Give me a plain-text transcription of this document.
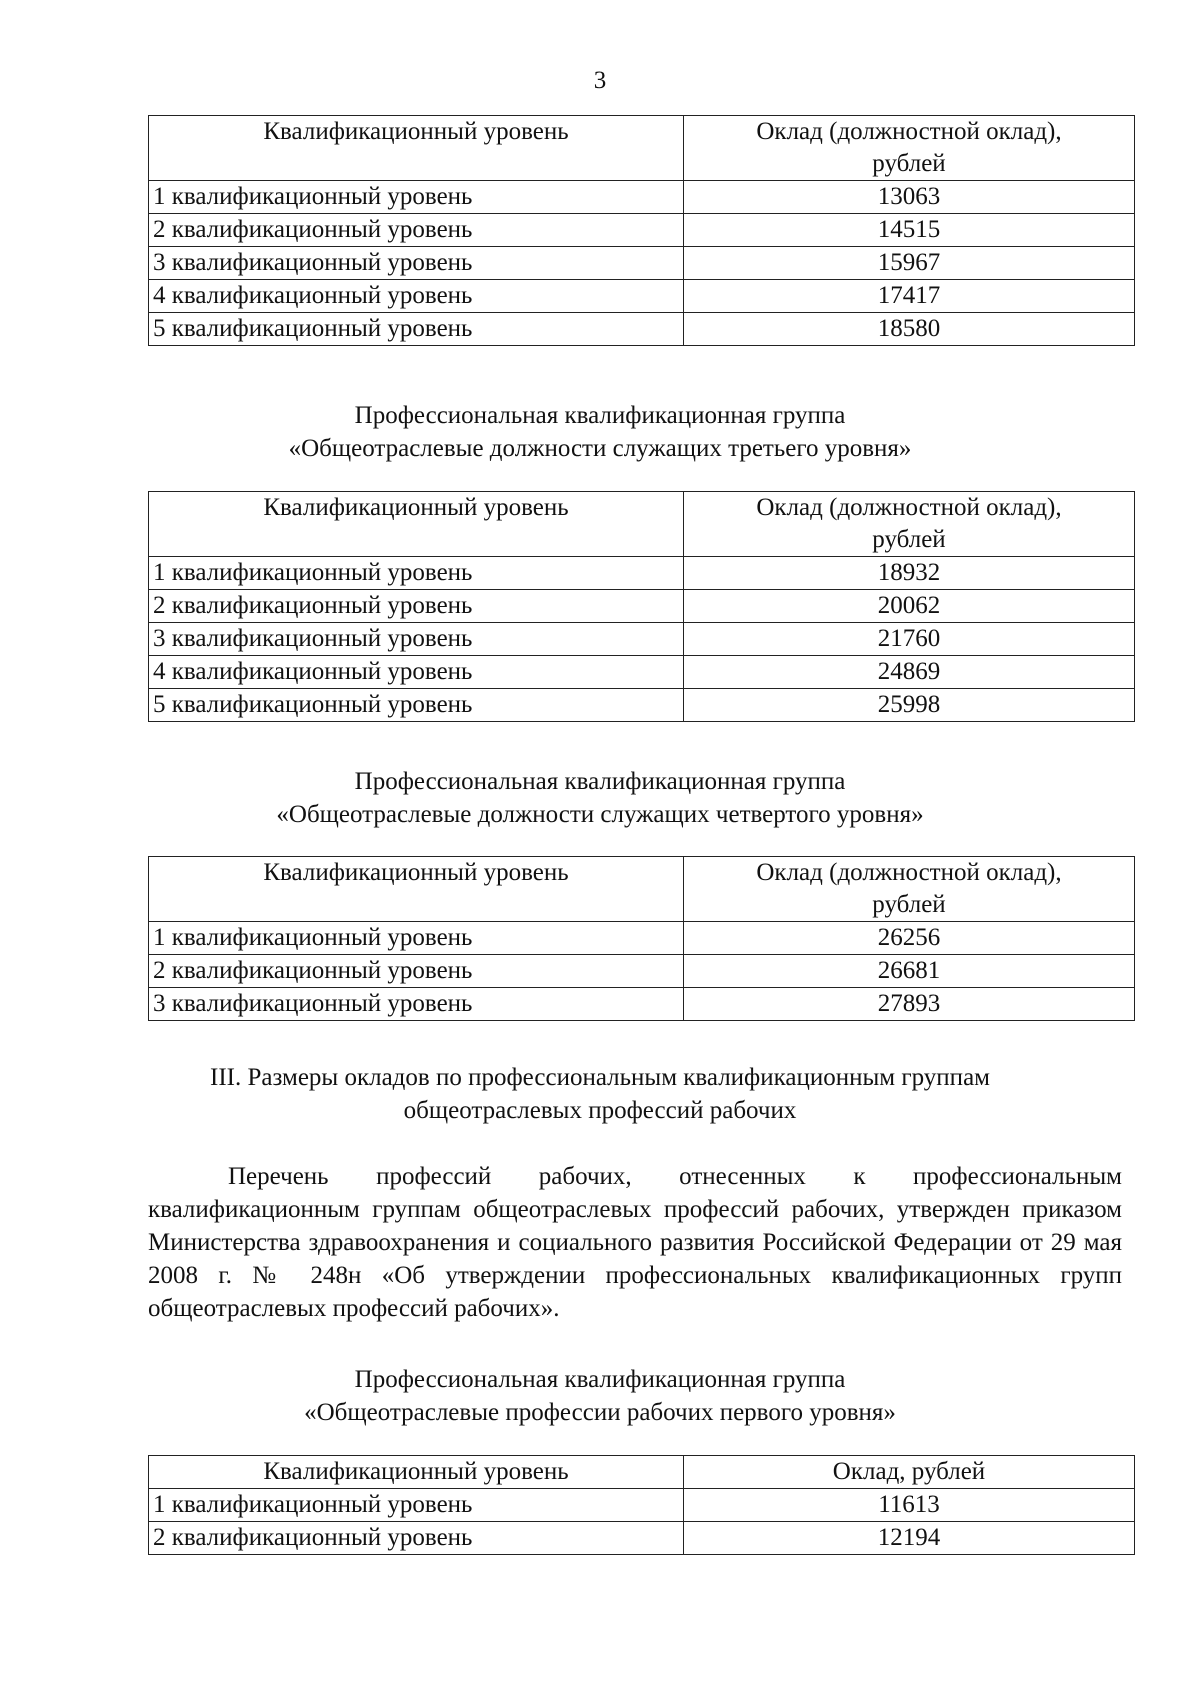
3
Квалификационный уровень	Оклад (должностной оклад),
рублей

1 квалификационный уровень	13063
2 квалификационный уровень	14515
3 квалификационный уровень	15967
4 квалификационный уровень	17417
5 квалификационный уровень	18580
Профессиональная квалификационная группа
«Общеотраслевые должности служащих третьего уровня»
Квалификационный уровень	Оклад (должностной оклад),
рублей

1 квалификационный уровень	18932
2 квалификационный уровень	20062
3 квалификационный уровень	21760
4 квалификационный уровень	24869
5 квалификационный уровень	25998
Профессиональная квалификационная группа
«Общеотраслевые должности служащих четвертого уровня»
Квалификационный уровень	Оклад (должностной оклад),
рублей

1 квалификационный уровень	26256
2 квалификационный уровень	26681
3 квалификационный уровень	27893
III. Размеры окладов по профессиональным квалификационным группам
общеотраслевых профессий рабочих
Перечень профессий рабочих, отнесенных к профессиональным квалификационным группам общеотраслевых профессий рабочих, утвержден приказом Министерства здравоохранения и социального развития Российской Федерации от 29 мая 2008 г. № 248н «Об утверждении профессиональных квалификационных групп общеотраслевых профессий рабочих».
Профессиональная квалификационная группа
«Общеотраслевые профессии рабочих первого уровня»
Квалификационный уровень	Оклад, рублей
1 квалификационный уровень	11613
2 квалификационный уровень	12194
